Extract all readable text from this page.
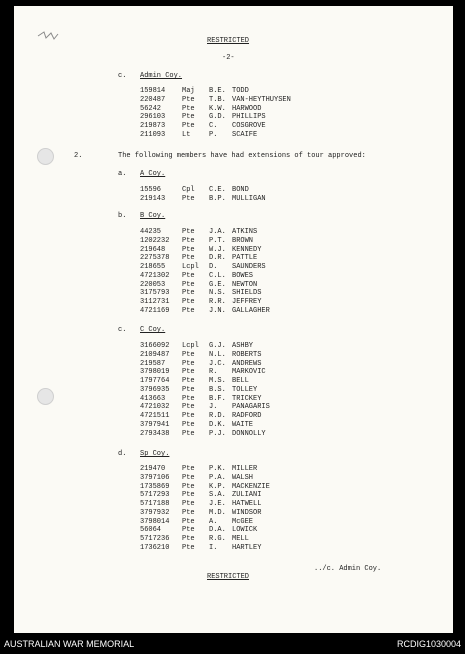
RESTRICTED
-2-
c. Admin Coy.
159814 Maj B.E. TODD
220487 Pte T.B. VAN-HEYTHUYSEN
56242	Pte K.W. HARWOOD
296103 Pte G.D. PHILLIPS
219873 Pte C. COSGROVE
211093 Lt	P. SCAIFE
2.	The following members have had extensions of tour approved:
a. A Coy.
15596	Cpl C.E. BOND
219143 Pte B.P. MULLIGAN
b. B Coy.
44235	Pte J.A. ATKINS
1202232 Pte P.T. BROWN
219648 Pte W.J. KENNEDY
2275378 Pte D.R. PATTLE
218655 Lcpl D. SAUNDERS
4721302 Pte C.L. BOWES
220053 Pte G.E. NEWTON
3175793 Pte N.S. SHIELDS
3112731 Pte R.R. JEFFREY
4721169 Pte J.N. GALLAGHER
c. C Coy.
3166092 Lcpl G.J. ASHBY
2109487 Pte N.L. ROBERTS
219587 Pte J.C. ANDREWS
3798019 Pte R. MARKOVIC
1797764 Pte M.S. BELL
3796935 Pte B.S. TOLLEY
413663 Pte B.F. TRICKEY
4721032 Pte J. PANAGARIS
4721511 Pte R.D. RADFORD
3797941 Pte D.K. WAITE
2793438 Pte P.J. DONNOLLY
d. Sp Coy.
219470 Pte P.K. MILLER
3797106 Pte P.A. WALSH
1735869 Pte K.P. MACKENZIE
5717293 Pte S.A. ZULIANI
5717188 Pte J.E. HATWELL
3797932 Pte M.D. WINDSOR
3798014 Pte A. McGEE
56064	Pte D.A. LOWICK
5717236 Pte R.G. MELL
1736210 Pte I. HARTLEY
../c. Admin Coy.
RESTRICTED
AUSTRALIAN WAR MEMORIAL	RCDIG1030004
